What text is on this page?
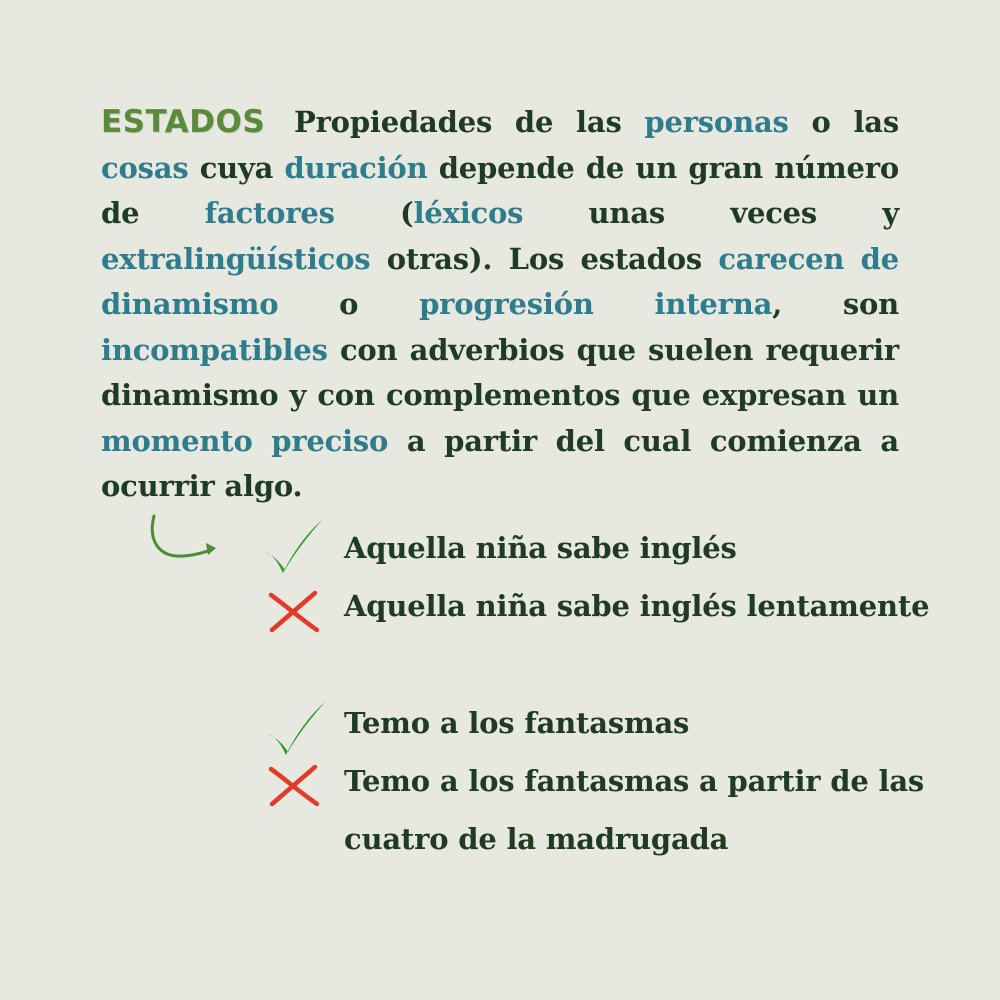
ESTADOS Propiedades de las personas o las cosas cuya duración depende de un gran número de factores (léxicos unas veces y extralingüísticos otras). Los estados carecen de dinamismo o progresión interna, son incompatibles con adverbios que suelen requerir dinamismo y con complementos que expresan un momento preciso a partir del cual comienza a ocurrir algo.
Aquella niña sabe inglés
Aquella niña sabe inglés lentamente
Temo a los fantasmas
Temo a los fantasmas a partir de las
cuatro de la madrugada
